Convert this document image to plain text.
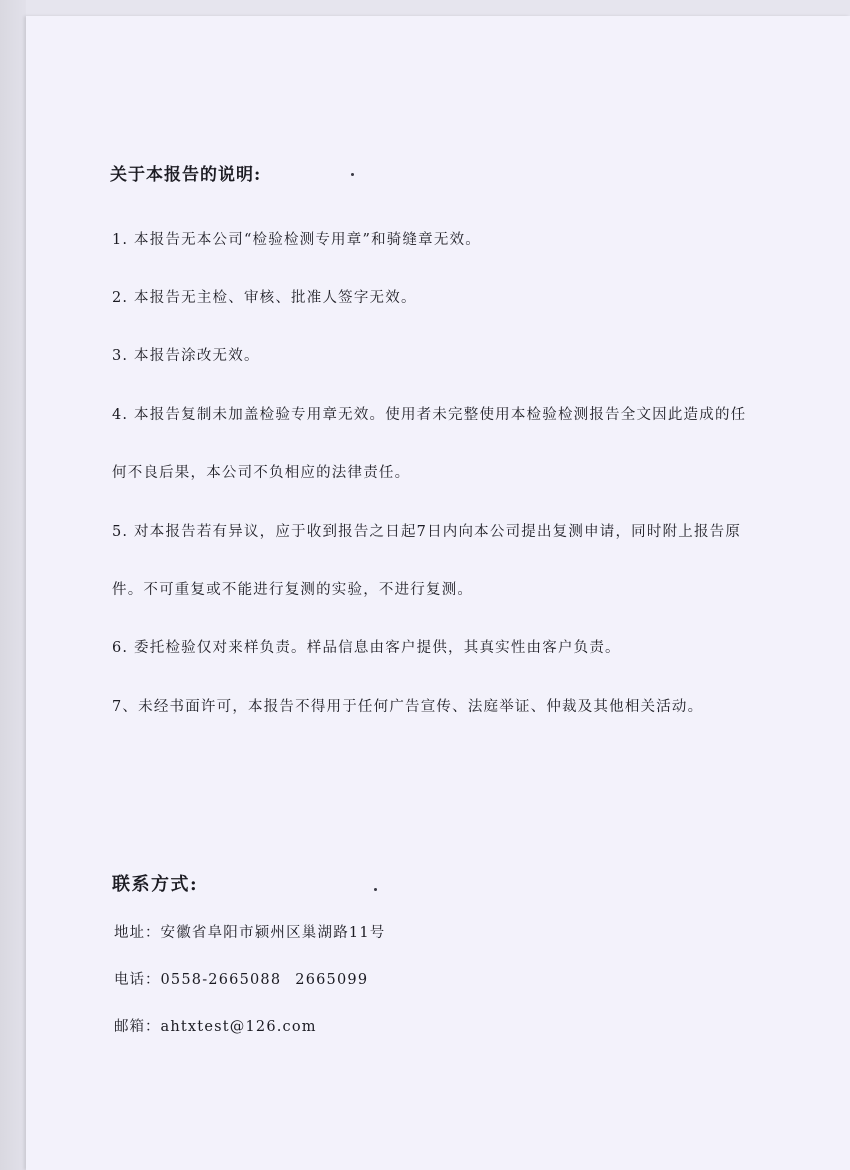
关于本报告的说明:
1. 本报告无本公司“检验检测专用章”和骑缝章无效。
2. 本报告无主检、审核、批准人签字无效。
3. 本报告涂改无效。
4. 本报告复制未加盖检验专用章无效。使用者未完整使用本检验检测报告全文因此造成的任何不良后果，本公司不负相应的法律责任。
5. 对本报告若有异议，应于收到报告之日起7日内向本公司提出复测申请，同时附上报告原件。不可重复或不能进行复测的实验，不进行复测。
6. 委托检验仅对来样负责。样品信息由客户提供，其真实性由客户负责。
7、未经书面许可，本报告不得用于任何广告宣传、法庭举证、仲裁及其他相关活动。
联系方式:
地址：安徽省阜阳市颍州区巢湖路11号
电话：0558-2665088 2665099
邮箱：ahtxtest@126.com
